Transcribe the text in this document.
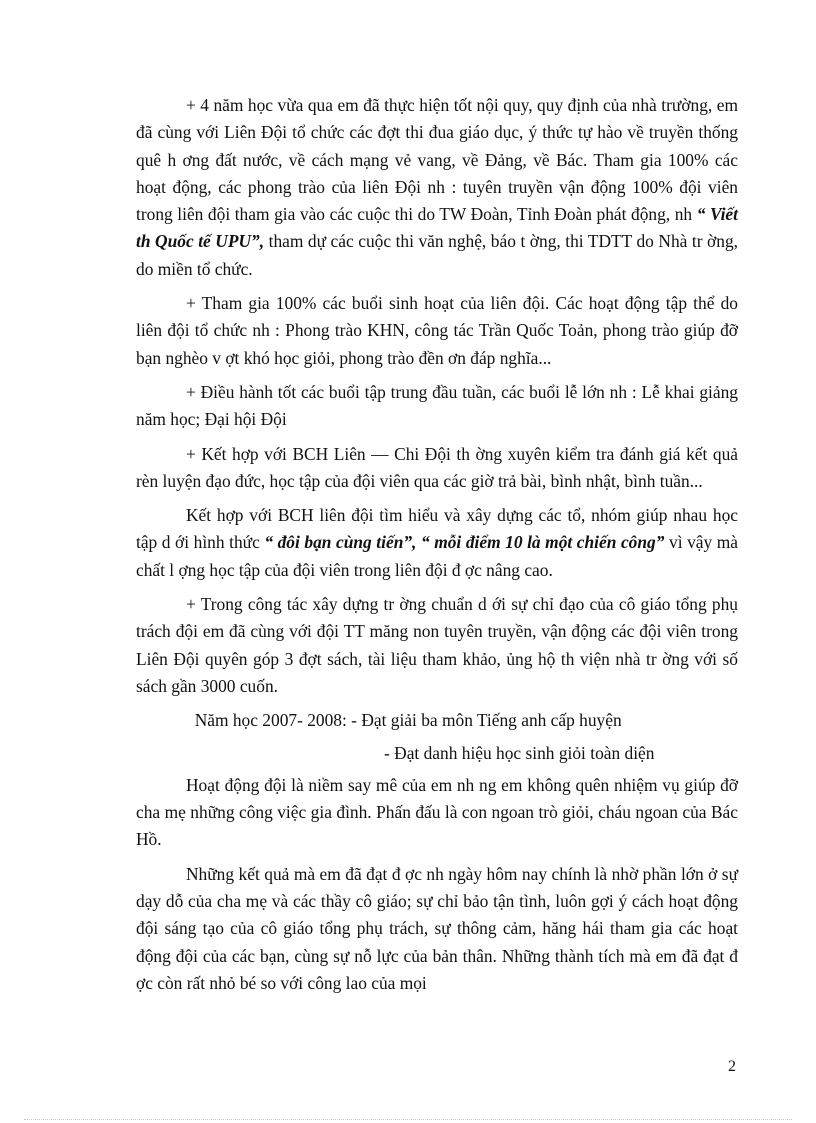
+ 4 năm học vừa qua em đã thực hiện tốt nội quy, quy định của nhà trường, em đã cùng với Liên Đội tổ chức các đợt thi đua giáo dục, ý thức tự hào về truyền thống quê h ơng đất nước, về cách mạng vẻ vang, về Đảng, về Bác. Tham gia 100% các hoạt động, các phong trào của liên Đội nh : tuyên truyền vận động 100% đội viên trong liên đội tham gia vào các cuộc thi do TW Đoàn, Tỉnh Đoàn phát động, nh “ Viết th Quốc tế UPU”, tham dự các cuộc thi văn nghệ, báo t ờng, thi TDTT do Nhà tr ờng, do miền tổ chức.

+ Tham gia 100% các buổi sinh hoạt của liên đội. Các hoạt động tập thể do liên đội tổ chức nh : Phong trào KHN, công tác Trần Quốc Toản, phong trào giúp đỡ bạn nghèo v ợt khó học giỏi, phong trào đền ơn đáp nghĩa...

+ Điều hành tốt các buổi tập trung đầu tuần, các buổi lễ lớn nh : Lễ khai giảng năm học; Đại hội Đội

+ Kết hợp với BCH Liên — Chi Đội th ờng xuyên kiểm tra đánh giá kết quả rèn luyện đạo đức, học tập của đội viên qua các giờ trả bài, bình nhật, bình tuần...

Kết hợp với BCH liên đội tìm hiểu và xây dựng các tổ, nhóm giúp nhau học tập d ới hình thức “ đôi bạn cùng tiến”, “ mỗi điểm 10 là một chiến công” vì vậy mà chất l ợng học tập của đội viên trong liên đội đ ợc nâng cao.

+ Trong công tác xây dựng tr ờng chuẩn d ới sự chỉ đạo của cô giáo tổng phụ trách đội em đã cùng với đội TT măng non tuyên truyền, vận động các đội viên trong Liên Đội quyên góp 3 đợt sách, tài liệu tham khảo, ủng hộ th viện nhà tr ờng với số sách gần 3000 cuốn.

Năm học 2007- 2008: - Đạt giải ba môn Tiếng anh cấp huyện

- Đạt danh hiệu học sinh giỏi toàn diện

Hoạt động đội là niềm say mê của em nh ng em không quên nhiệm vụ giúp đỡ cha mẹ những công việc gia đình. Phấn đấu là con ngoan trò giỏi, cháu ngoan của Bác Hồ.

Những kết quả mà em đã đạt đ ợc nh ngày hôm nay chính là nhờ phần lớn ở sự dạy dỗ của cha mẹ và các thầy cô giáo; sự chỉ bảo tận tình, luôn gợi ý cách hoạt động đội sáng tạo của cô giáo tổng phụ trách, sự thông cảm, hăng hái tham gia các hoạt động đội của các bạn, cùng sự nỗ lực của bản thân. Những thành tích mà em đã đạt đ ợc còn rất nhỏ bé so với công lao của mọi

2
